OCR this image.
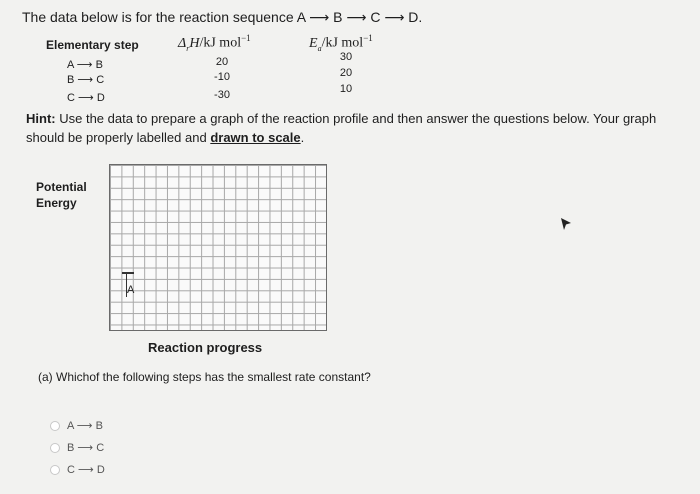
The data below is for the reaction sequence A ⟶ B ⟶ C ⟶ D.
Elementary step	$\Delta_rH/kJ$ mol$^{-1}$	$E_a/kJ$ mol$^{-1}$
A ⟶ B
B ⟶ C
C ⟶ D
20
-10
-30
30
20
10
Hint: Use the data to prepare a graph of the reaction profile and then answer the questions below. Your graph should be properly labelled and drawn to scale.
Potential
Energy
A
Reaction progress
(a) Whichof the following steps has the smallest rate constant?
A ⟶ B
B ⟶ C
C ⟶ D
